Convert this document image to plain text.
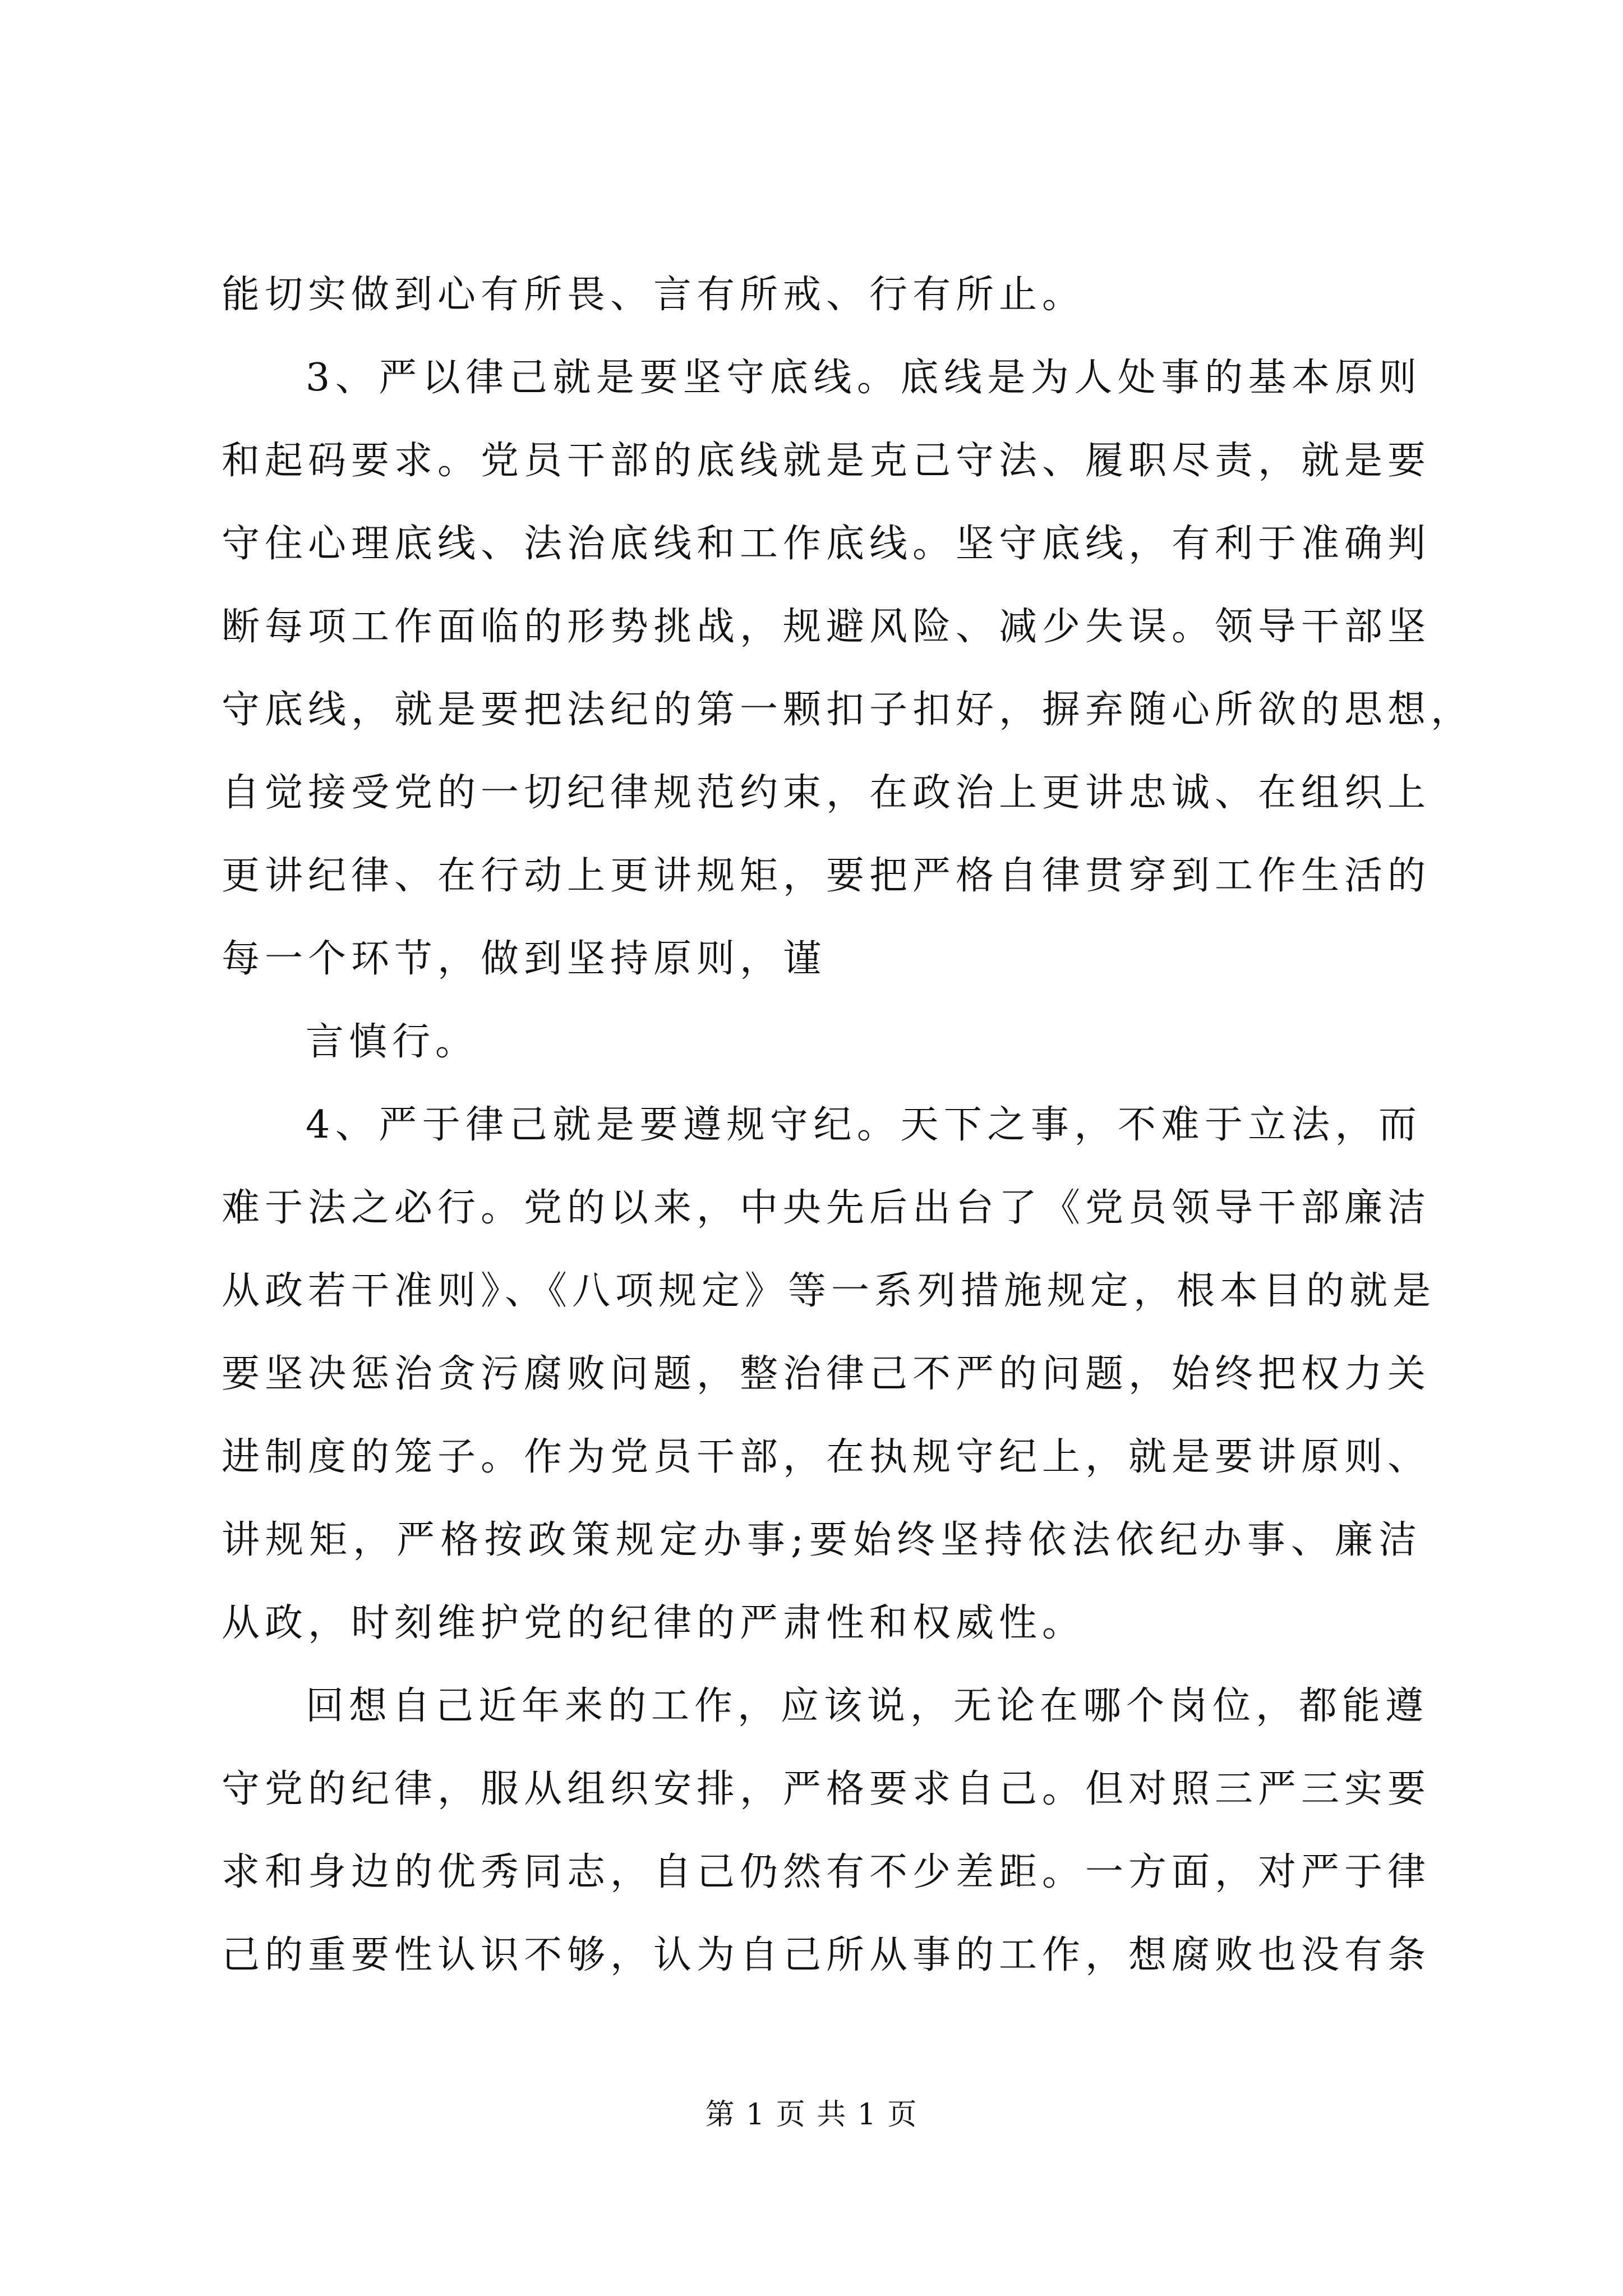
能切实做到心有所畏、言有所戒、行有所止。
3、严以律己就是要坚守底线。底线是为人处事的基本原则
和起码要求。党员干部的底线就是克己守法、履职尽责，就是要
守住心理底线、法治底线和工作底线。坚守底线，有利于准确判
断每项工作面临的形势挑战，规避风险、减少失误。领导干部坚
守底线，就是要把法纪的第一颗扣子扣好，摒弃随心所欲的思想，
自觉接受党的一切纪律规范约束，在政治上更讲忠诚、在组织上
更讲纪律、在行动上更讲规矩，要把严格自律贯穿到工作生活的
每一个环节，做到坚持原则，谨
言慎行。
4、严于律己就是要遵规守纪。天下之事，不难于立法，而
难于法之必行。党的以来，中央先后出台了《党员领导干部廉洁
从政若干准则》、《八项规定》等一系列措施规定，根本目的就是
要坚决惩治贪污腐败问题，整治律己不严的问题，始终把权力关
进制度的笼子。作为党员干部，在执规守纪上，就是要讲原则、
讲规矩，严格按政策规定办事;要始终坚持依法依纪办事、廉洁
从政，时刻维护党的纪律的严肃性和权威性。
回想自己近年来的工作，应该说，无论在哪个岗位，都能遵
守党的纪律，服从组织安排，严格要求自己。但对照三严三实要
求和身边的优秀同志，自己仍然有不少差距。一方面，对严于律
己的重要性认识不够，认为自己所从事的工作，想腐败也没有条
第 1 页 共 1 页
